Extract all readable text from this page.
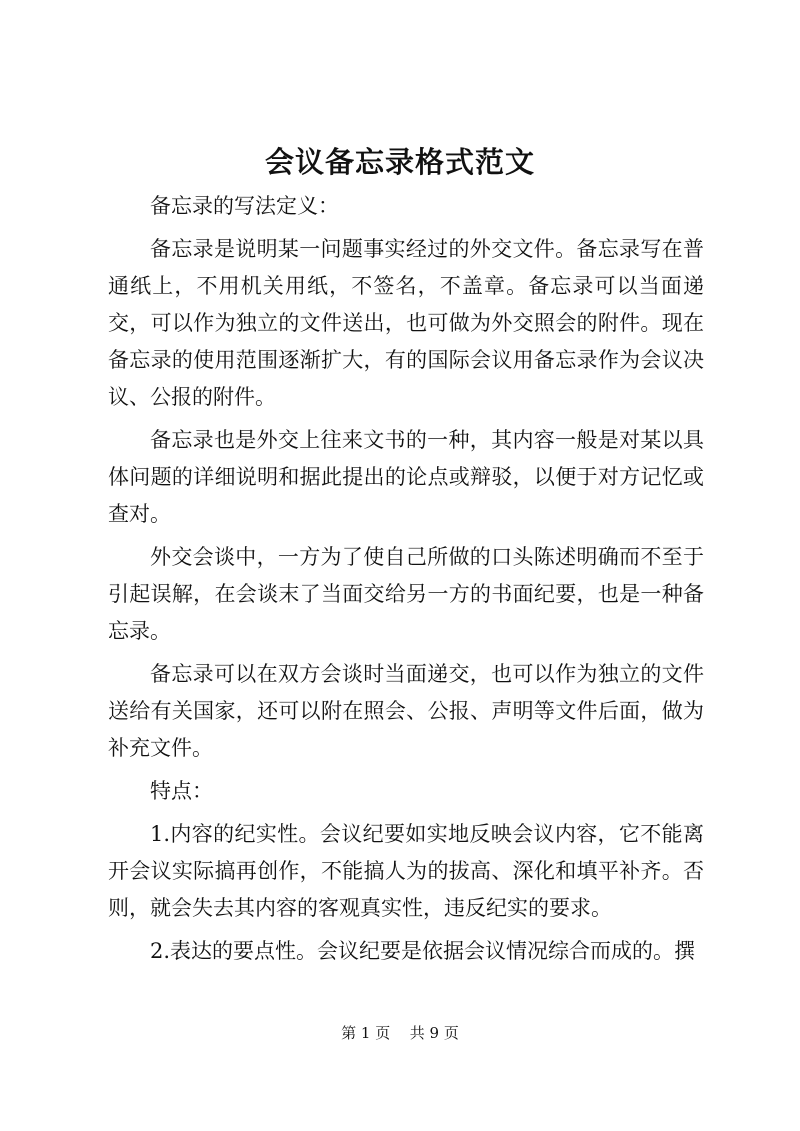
会议备忘录格式范文

备忘录的写法定义：

备忘录是说明某一问题事实经过的外交文件。备忘录写在普通纸上，不用机关用纸，不签名，不盖章。备忘录可以当面递交，可以作为独立的文件送出，也可做为外交照会的附件。现在备忘录的使用范围逐渐扩大，有的国际会议用备忘录作为会议决议、公报的附件。

备忘录也是外交上往来文书的一种，其内容一般是对某以具体问题的详细说明和据此提出的论点或辩驳，以便于对方记忆或查对。

外交会谈中，一方为了使自己所做的口头陈述明确而不至于引起误解，在会谈末了当面交给另一方的书面纪要，也是一种备忘录。

备忘录可以在双方会谈时当面递交，也可以作为独立的文件送给有关国家，还可以附在照会、公报、声明等文件后面，做为补充文件。

特点：

1.内容的纪实性。会议纪要如实地反映会议内容，它不能离开会议实际搞再创作，不能搞人为的拔高、深化和填平补齐。否则，就会失去其内容的客观真实性，违反纪实的要求。

2.表达的要点性。会议纪要是依据会议情况综合而成的。撰

第 1 页 共 9 页
